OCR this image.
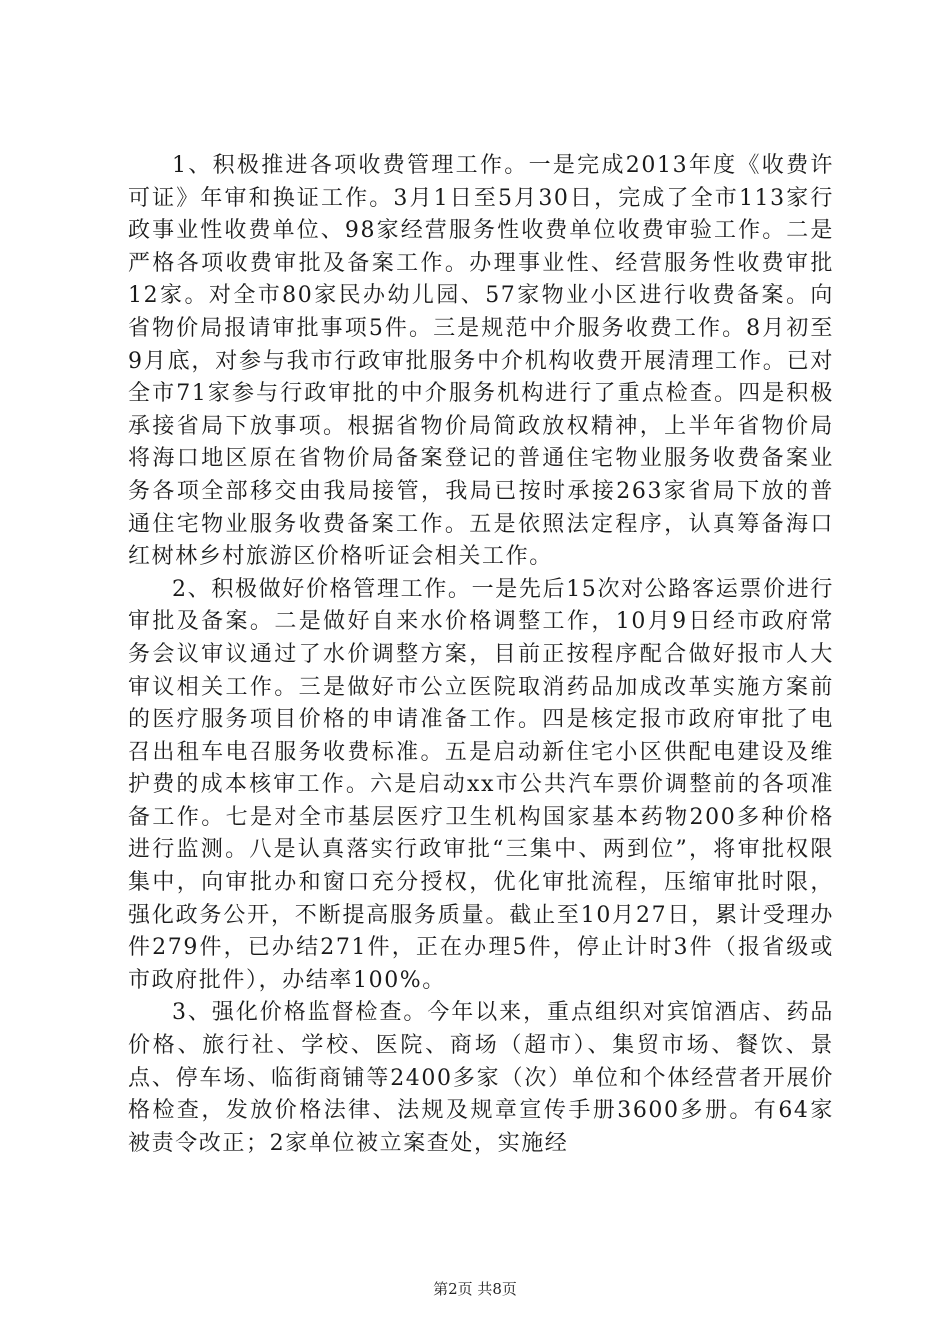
1、积极推进各项收费管理工作。一是完成2013年度《收费许可证》年审和换证工作。3月1日至5月30日，完成了全市113家行政事业性收费单位、98家经营服务性收费单位收费审验工作。二是严格各项收费审批及备案工作。办理事业性、经营服务性收费审批12家。对全市80家民办幼儿园、57家物业小区进行收费备案。向省物价局报请审批事项5件。三是规范中介服务收费工作。8月初至9月底，对参与我市行政审批服务中介机构收费开展清理工作。已对全市71家参与行政审批的中介服务机构进行了重点检查。四是积极承接省局下放事项。根据省物价局简政放权精神，上半年省物价局将海口地区原在省物价局备案登记的普通住宅物业服务收费备案业务各项全部移交由我局接管，我局已按时承接263家省局下放的普通住宅物业服务收费备案工作。五是依照法定程序，认真筹备海口红树林乡村旅游区价格听证会相关工作。

2、积极做好价格管理工作。一是先后15次对公路客运票价进行审批及备案。二是做好自来水价格调整工作，10月9日经市政府常务会议审议通过了水价调整方案，目前正按程序配合做好报市人大审议相关工作。三是做好市公立医院取消药品加成改革实施方案前的医疗服务项目价格的申请准备工作。四是核定报市政府审批了电召出租车电召服务收费标准。五是启动新住宅小区供配电建设及维护费的成本核审工作。六是启动xx市公共汽车票价调整前的各项准备工作。七是对全市基层医疗卫生机构国家基本药物200多种价格进行监测。八是认真落实行政审批“三集中、两到位”，将审批权限集中，向审批办和窗口充分授权，优化审批流程，压缩审批时限，强化政务公开，不断提高服务质量。截止至10月27日，累计受理办件279件，已办结271件，正在办理5件，停止计时3件（报省级或市政府批件），办结率100%。

3、强化价格监督检查。今年以来，重点组织对宾馆酒店、药品价格、旅行社、学校、医院、商场（超市）、集贸市场、餐饮、景点、停车场、临街商铺等2400多家（次）单位和个体经营者开展价格检查，发放价格法律、法规及规章宣传手册3600多册。有64家被责令改正；2家单位被立案查处，实施经

第2页 共8页
